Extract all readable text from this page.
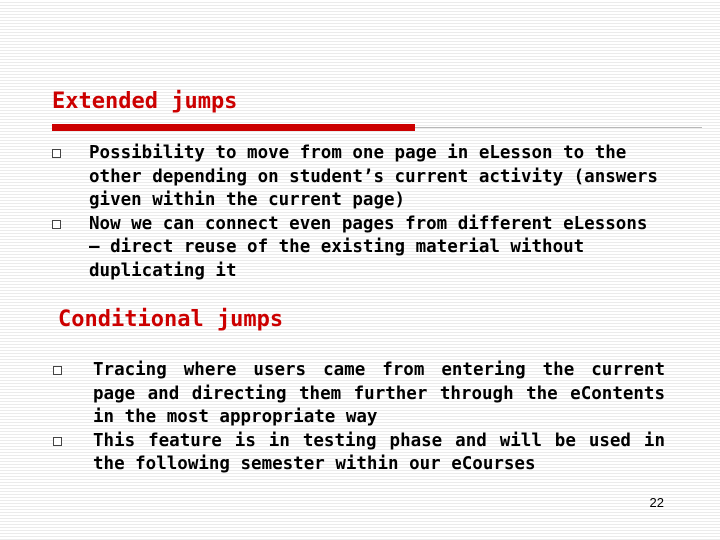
Extended jumps
Possibility to move from one page in eLesson to the other depending on student’s current activity (answers given within the current page)
Now we can connect even pages from different eLessons – direct reuse of the existing material without duplicating it
Conditional jumps
Tracing where users came from entering the current page and directing them further through the eContents in the most appropriate way
This feature is in testing phase and will be used in the following semester within our eCourses
22
